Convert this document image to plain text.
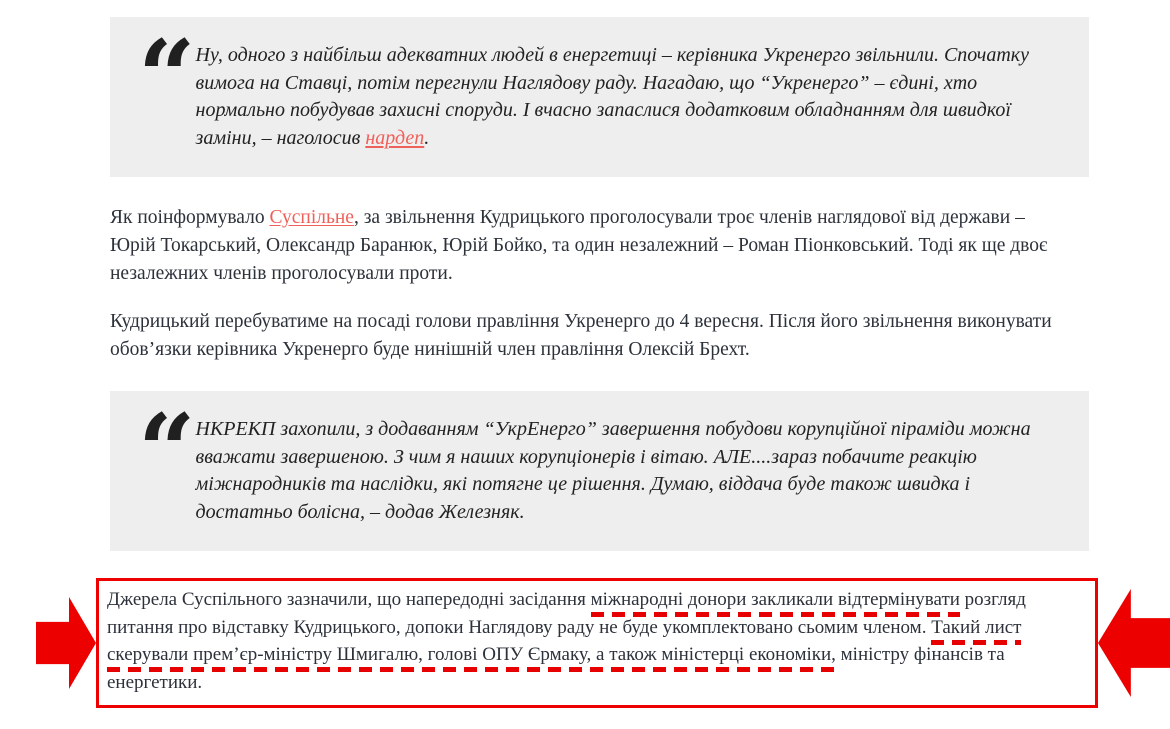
“ Ну, одного з найбільш адекватних людей в енергетиці – керівника Укренерго звільнили. Спочатку вимога на Ставці, потім перегнули Наглядову раду. Нагадаю, що “Укренерго” – єдині, хто нормально побудував захисні споруди. І вчасно запаслися додатковим обладнанням для швидкої заміни, – наголосив нардеп.
Як поінформувало Суспільне, за звільнення Кудрицького проголосували троє членів наглядової від держави – Юрій Токарський, Олександр Баранюк, Юрій Бойко, та один незалежний – Роман Піонковський. Тоді як ще двоє незалежних членів проголосували проти.
Кудрицький перебуватиме на посаді голови правління Укренерго до 4 вересня. Після його звільнення виконувати обов’язки керівника Укренерго буде нинішній член правління Олексій Брехт.
“ НКРЕКП захопили, з додаванням “УкрЕнерго” завершення побудови корупційної піраміди можна вважати завершеною. З чим я наших корупціонерів і вітаю. АЛЕ....зараз побачите реакцію міжнародників та наслідки, які потягне це рішення. Думаю, віддача буде також швидка і достатньо болісна, – додав Железняк.
Джерела Суспільного зазначили, що напередодні засідання міжнародні донори закликали відтермінувати розгляд питання про відставку Кудрицького, допоки Наглядову раду не буде укомплектовано сьомим членом. Такий лист скерували прем’єр-міністру Шмигалю, голові ОПУ Єрмаку, а також міністерці економіки, міністру фінансів та енергетики.
